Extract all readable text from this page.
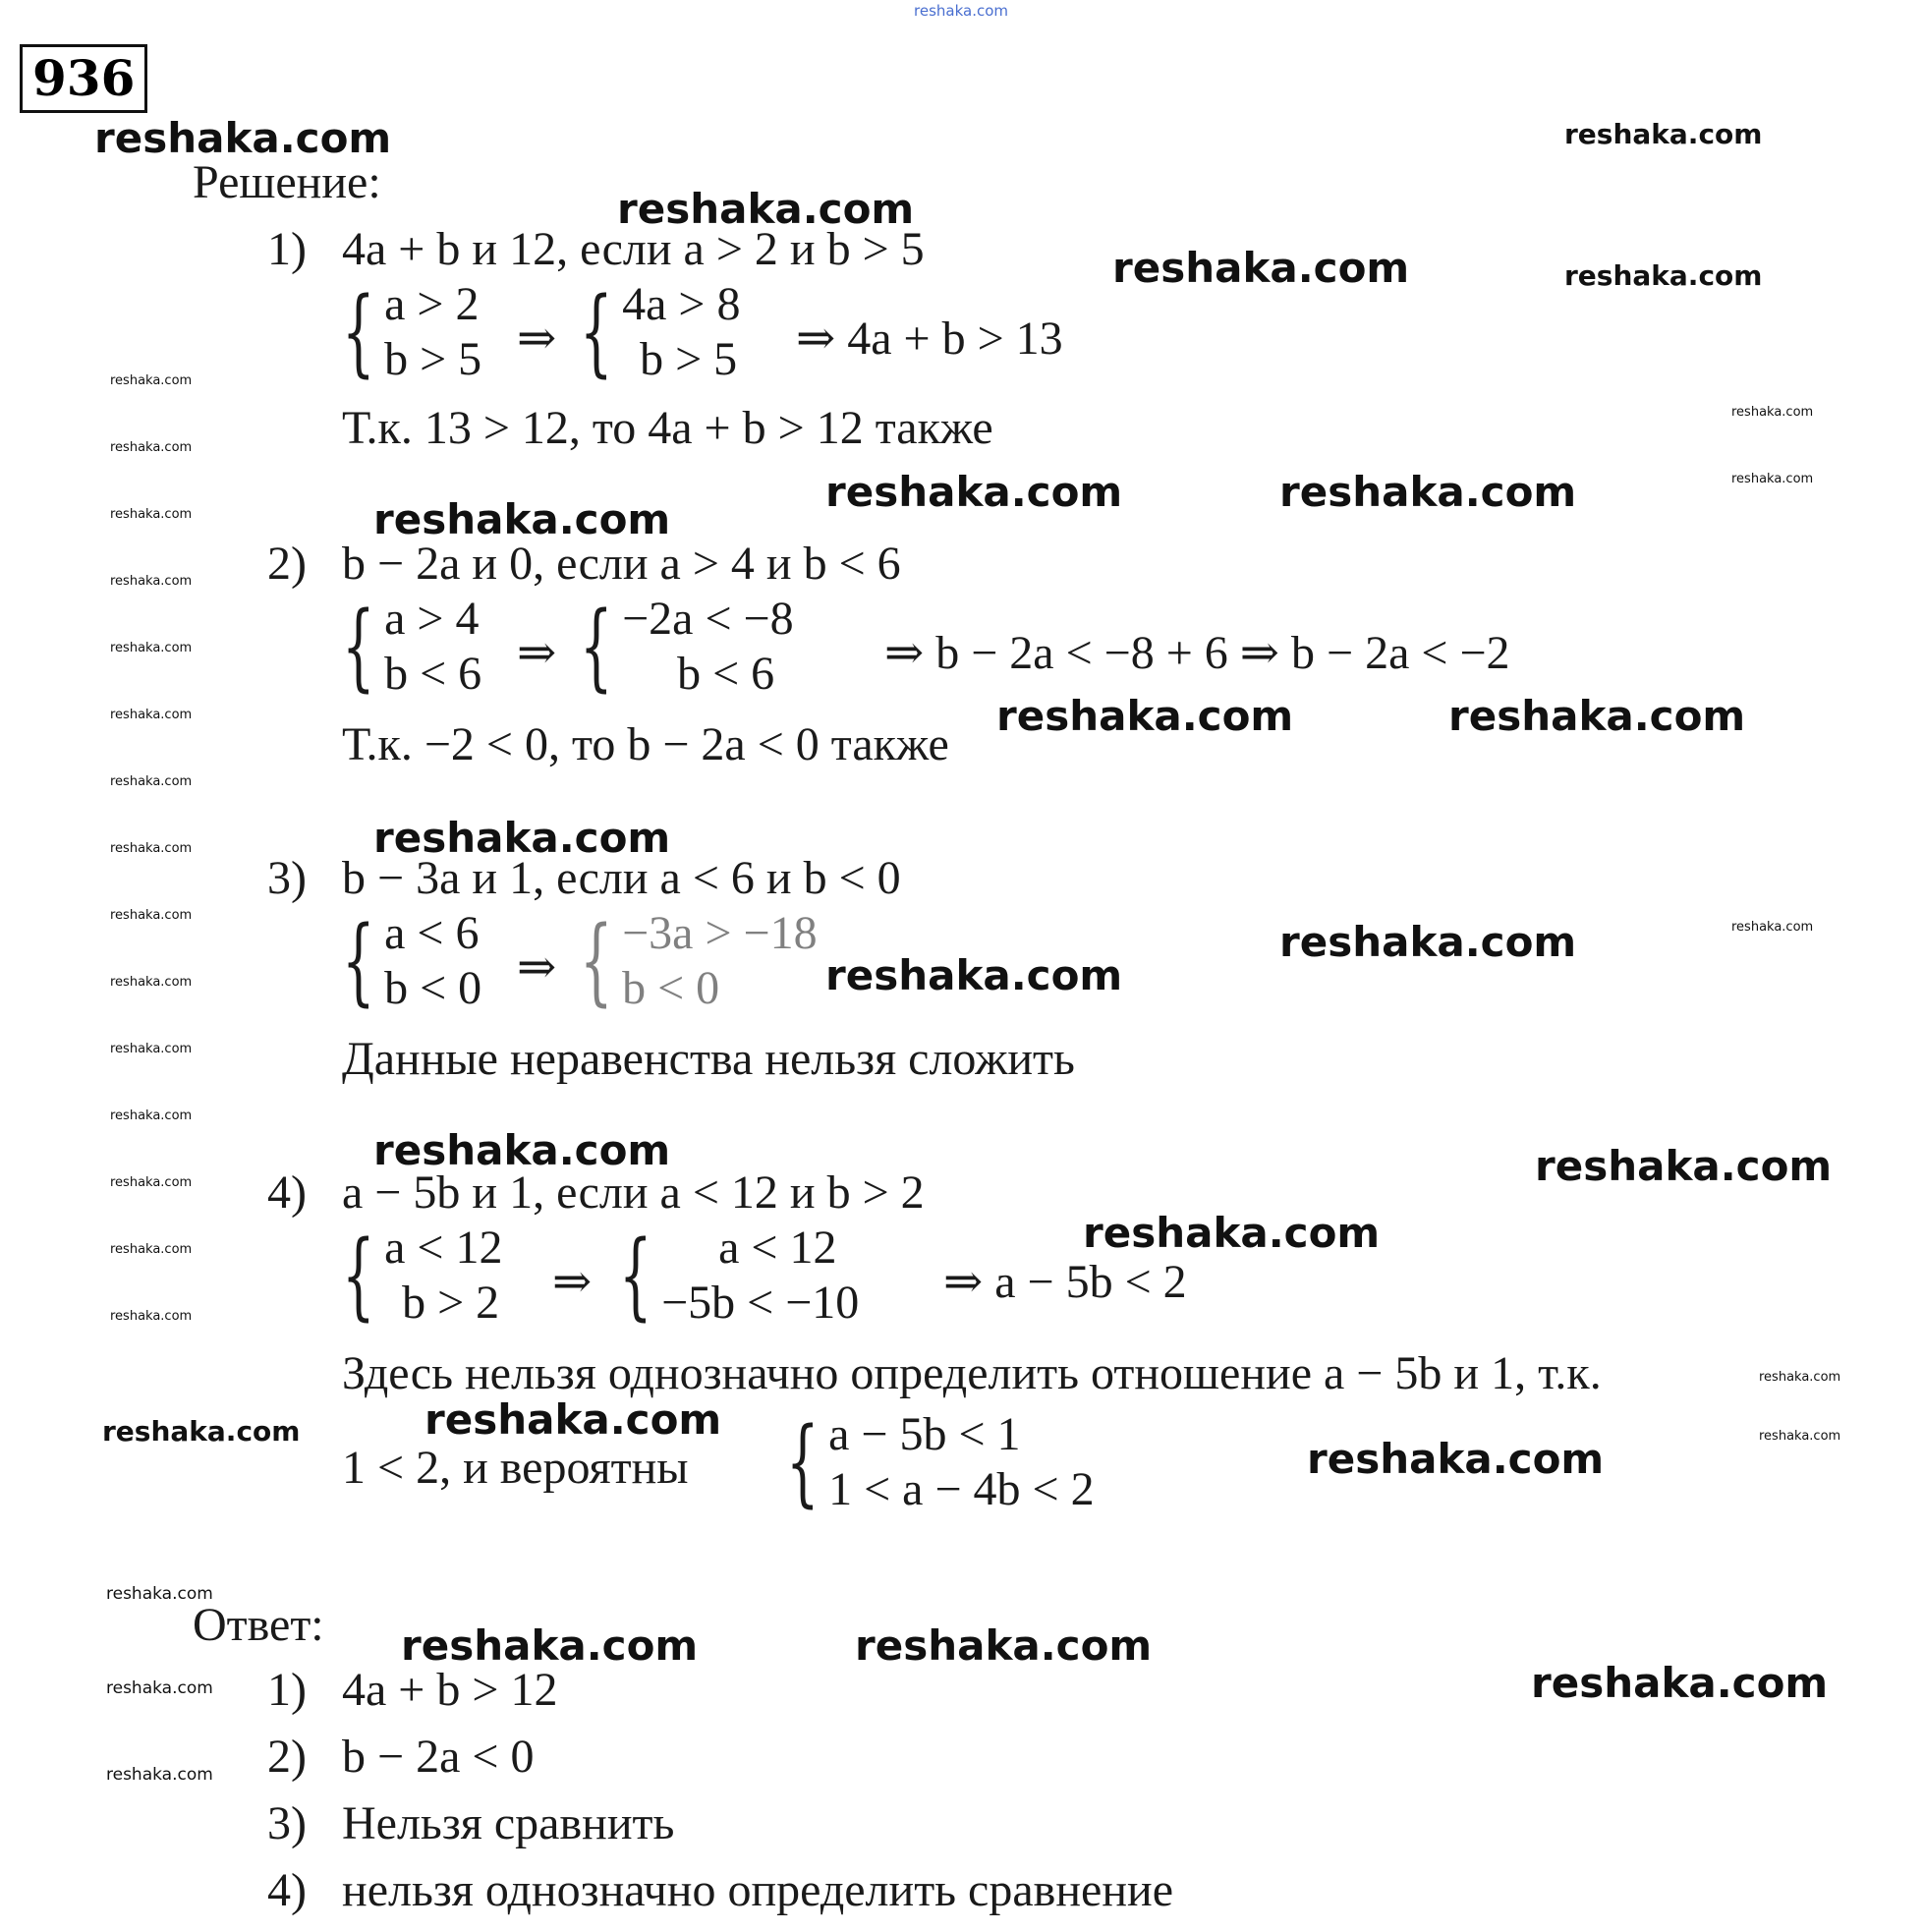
936
Решение:
1) 4a + b и 12, если a > 2 и b > 5
{ a > 2
b > 5 ⇒ { 4a > 8
b > 5 ⇒ 4a + b > 13
Т.к. 13 > 12, то 4a + b > 12 также
2) b − 2a и 0, если a > 4 и b < 6
{ a > 4
b < 6 ⇒ { −2a < −8
b < 6	⇒ b − 2a < −8 + 6 ⇒ b − 2a < −2
Т.к. −2 < 0, то b − 2a < 0 также
3) b − 3a и 1, если a < 6 и b < 0
{ a < 6
b < 0 ⇒ { −3a > −18
b < 0
Данные неравенства нельзя сложить
4) a − 5b и 1, если a < 12 и b > 2
{ a < 12
b > 2 ⇒ {	a < 12
−5b < −10 ⇒ a − 5b < 2
Здесь нельзя однозначно определить отношение a − 5b и 1, т.к.
1 < 2, и вероятны { a − 5b < 1
1 < a − 4b < 2
Ответ:
1) 4a + b > 12
2) b − 2a < 0
3) Нельзя сравнить
4) нельзя однозначно определить сравнение
reshaka.com
reshaka.com	reshaka.com
reshaka.com
reshaka.com	reshaka.com
reshaka.com	reshaka.com
reshaka.com
reshaka.com	reshaka.com
reshaka.com
reshaka.com
reshaka.com
reshaka.com	reshaka.com
reshaka.com
reshaka.com
reshaka.com
reshaka.com
reshaka.com	reshaka.com
reshaka.com
reshaka.com
reshaka.com
reshaka.com
reshaka.com
reshaka.com
reshaka.com
reshaka.com
reshaka.com
reshaka.com
reshaka.com
reshaka.com
reshaka.com
reshaka.com
reshaka.com
reshaka.com
reshaka.com
reshaka.com
reshaka.com
reshaka.com
reshaka.com
reshaka.com
reshaka.com
reshaka.com
